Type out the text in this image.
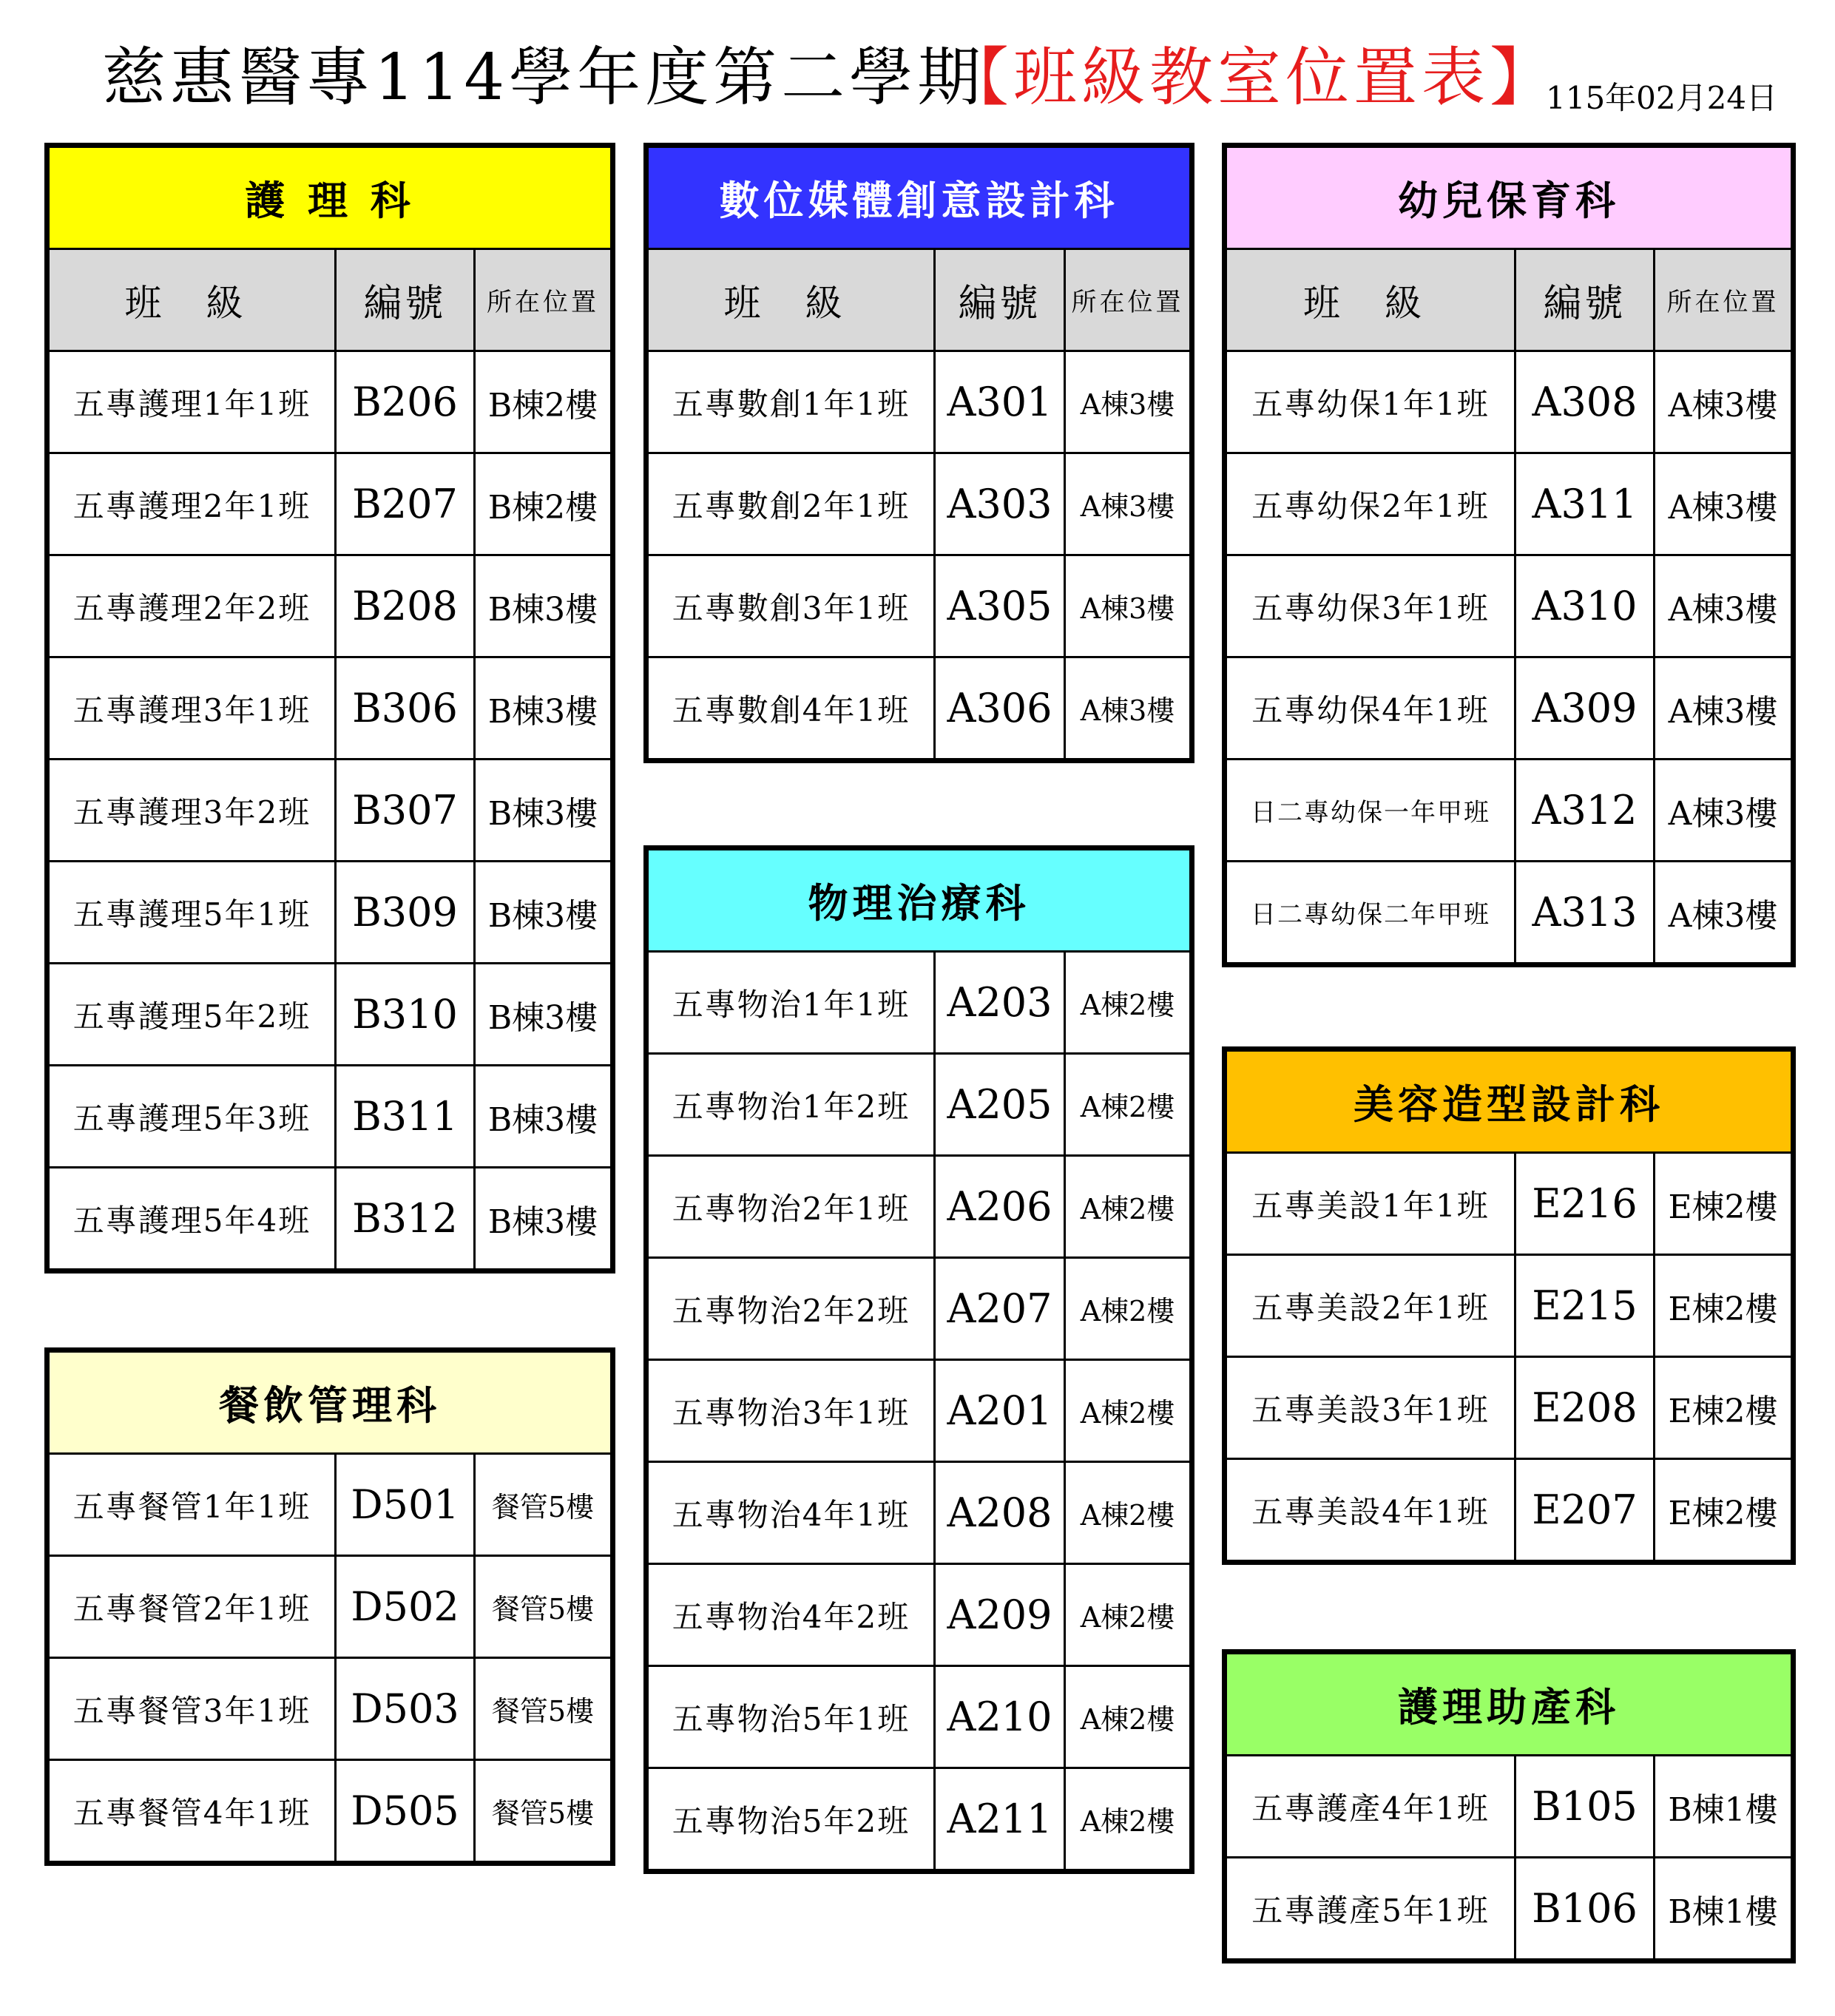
慈惠醫專114學年度第二學期
【班級教室位置表】
115年02月24日
護 理 科		
班 級	編號	所在位置
五專護理1年1班	B206	B棟2樓
五專護理2年1班	B207	B棟2樓
五專護理2年2班	B208	B棟3樓
五專護理3年1班	B306	B棟3樓
五專護理3年2班	B307	B棟3樓
五專護理5年1班	B309	B棟3樓
五專護理5年2班	B310	B棟3樓
五專護理5年3班	B311	B棟3樓
五專護理5年4班	B312	B棟3樓
數位媒體創意設計科		
班 級	編號	所在位置
五專數創1年1班	A301	A棟3樓
五專數創2年1班	A303	A棟3樓
五專數創3年1班	A305	A棟3樓
五專數創4年1班	A306	A棟3樓
幼兒保育科		
班 級	編號	所在位置
五專幼保1年1班	A308	A棟3樓
五專幼保2年1班	A311	A棟3樓
五專幼保3年1班	A310	A棟3樓
五專幼保4年1班	A309	A棟3樓
日二專幼保一年甲班	A312	A棟3樓
日二專幼保二年甲班	A313	A棟3樓
物理治療科		
五專物治1年1班	A203	A棟2樓
五專物治1年2班	A205	A棟2樓
五專物治2年1班	A206	A棟2樓
五專物治2年2班	A207	A棟2樓
五專物治3年1班	A201	A棟2樓
五專物治4年1班	A208	A棟2樓
五專物治4年2班	A209	A棟2樓
五專物治5年1班	A210	A棟2樓
五專物治5年2班	A211	A棟2樓
美容造型設計科		
五專美設1年1班	E216	E棟2樓
五專美設2年1班	E215	E棟2樓
五專美設3年1班	E208	E棟2樓
五專美設4年1班	E207	E棟2樓
餐飲管理科		
五專餐管1年1班	D501	餐管5樓
五專餐管2年1班	D502	餐管5樓
五專餐管3年1班	D503	餐管5樓
五專餐管4年1班	D505	餐管5樓
護理助產科		
五專護產4年1班	B105	B棟1樓
五專護產5年1班	B106	B棟1樓
